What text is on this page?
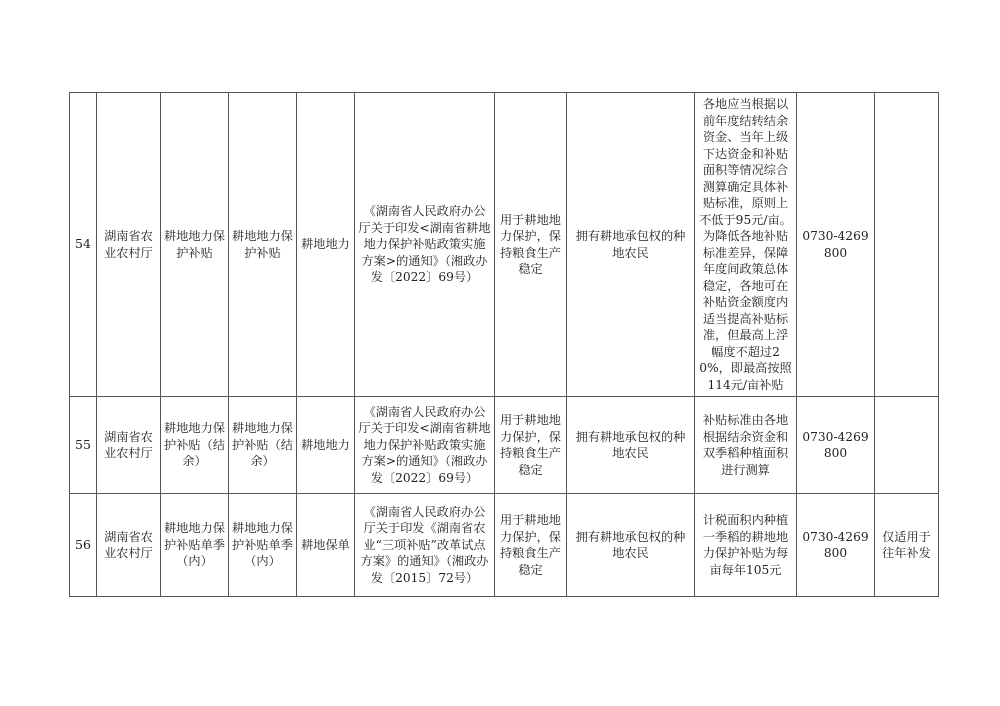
54	湖南省农业农村厅	耕地地力保护补贴	耕地地力保护补贴	耕地地力	《湖南省人民政府办公厅关于印发<湖南省耕地地力保护补贴政策实施方案>的通知》（湘政办发〔2022〕69号）	用于耕地地力保护，保持粮食生产稳定	拥有耕地承包权的种地农民	各地应当根据以前年度结转结余资金、当年上级下达资金和补贴面积等情况综合测算确定具体补贴标准，原则上不低于95元/亩。为降低各地补贴标准差异，保障年度间政策总体稳定，各地可在补贴资金额度内适当提高补贴标准，但最高上浮幅度不超过20%，即最高按照114元/亩补贴	0730-4269800	
55	湖南省农业农村厅	耕地地力保护补贴（结余）	耕地地力保护补贴（结余）	耕地地力	《湖南省人民政府办公厅关于印发<湖南省耕地地力保护补贴政策实施方案>的通知》（湘政办发〔2022〕69号）	用于耕地地力保护，保持粮食生产稳定	拥有耕地承包权的种地农民	补贴标准由各地根据结余资金和双季稻种植面积进行测算	0730-4269800	
56	湖南省农业农村厅	耕地地力保护补贴单季（内）	耕地地力保护补贴单季（内）	耕地保单	《湖南省人民政府办公厅关于印发《湖南省农业“三项补贴”改革试点方案》的通知》（湘政办发〔2015〕72号）	用于耕地地力保护，保持粮食生产稳定	拥有耕地承包权的种地农民	计税面积内种植一季稻的耕地地力保护补贴为每亩每年105元	0730-4269800	仅适用于往年补发
